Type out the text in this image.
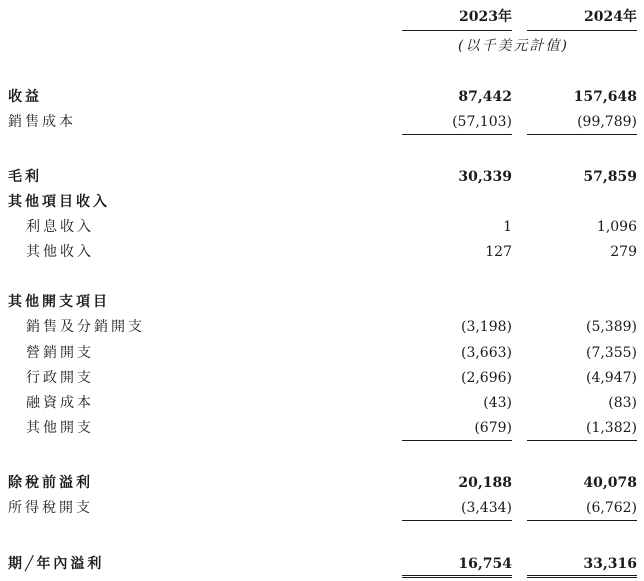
2023年	2024年
(以千美元計值)
收益	87,442	157,648
銷售成本	(57,103)	(99,789)
毛利	30,339	57,859
其他項目收入
利息收入	1	1,096
其他收入	127	279
其他開支項目
銷售及分銷開支	(3,198)	(5,389)
營銷開支	(3,663)	(7,355)
行政開支	(2,696)	(4,947)
融資成本	(43)	(83)
其他開支	(679)	(1,382)
除稅前溢利	20,188	40,078
所得稅開支	(3,434)	(6,762)
期╱年內溢利	16,754	33,316
